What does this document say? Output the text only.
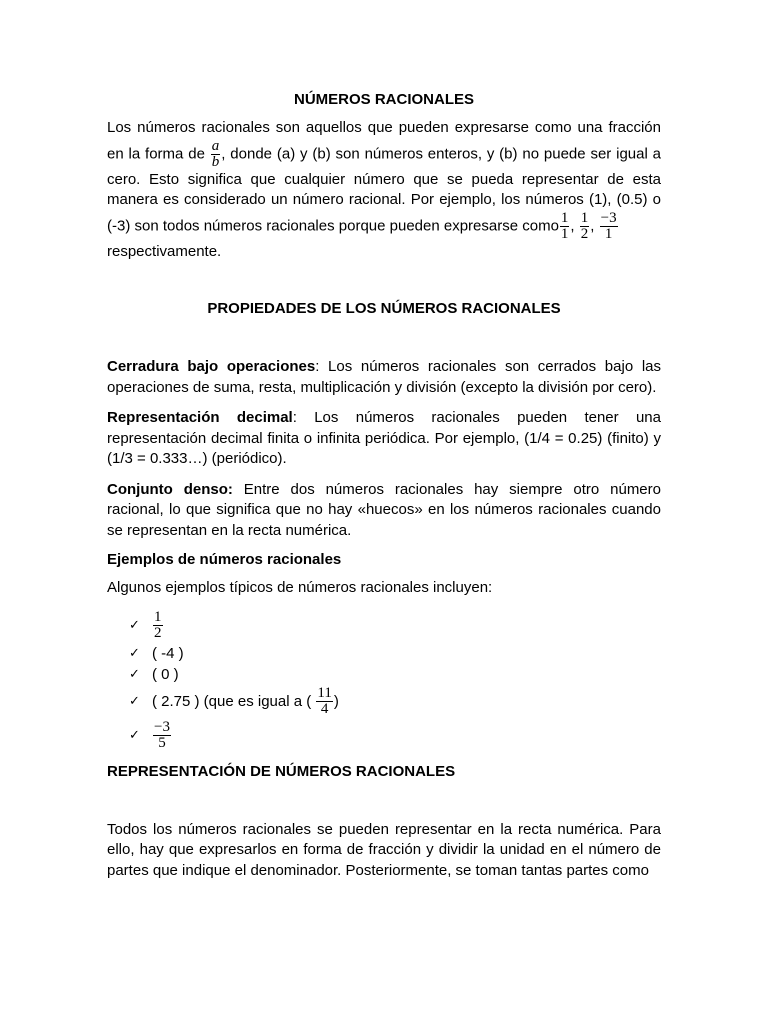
NÚMEROS RACIONALES

Los números racionales son aquellos que pueden expresarse como una fracción en la forma de $\frac{a}{b}$ , donde (a) y (b) son números enteros, y (b) no puede ser igual a cero. Esto significa que cualquier número que se pueda representar de esta manera es considerado un número racional. Por ejemplo, los números (1), (0.5) o (-3) son todos números racionales porque pueden expresarse como $\frac{1}{1}$ , $\frac{1}{2}$ , $\frac{-3}{1}$

respectivamente.

PROPIEDADES DE LOS NÚMEROS RACIONALES

Cerradura bajo operaciones: Los números racionales son cerrados bajo las operaciones de suma, resta, multiplicación y división (excepto la división por cero).

Representación decimal: Los números racionales pueden tener una representación decimal finita o infinita periódica. Por ejemplo, (1/4 = 0.25) (finito) y (1/3 = 0.333…) (periódico).

Conjunto denso: Entre dos números racionales hay siempre otro número racional, lo que significa que no hay «huecos» en los números racionales cuando se representan en la recta numérica.

Ejemplos de números racionales

Algunos ejemplos típicos de números racionales incluyen:

✓ $\frac{1}{2}$
✓ ( -4 )
✓ ( 0 )
✓ ( 2.75 ) (que es igual a ( $\frac{11}{4}$ )
✓ $\frac{-3}{5}$
REPRESENTACIÓN DE NÚMEROS RACIONALES

Todos los números racionales se pueden representar en la recta numérica. Para ello, hay que expresarlos en forma de fracción y dividir la unidad en el número de partes que indique el denominador. Posteriormente, se toman tantas partes como
